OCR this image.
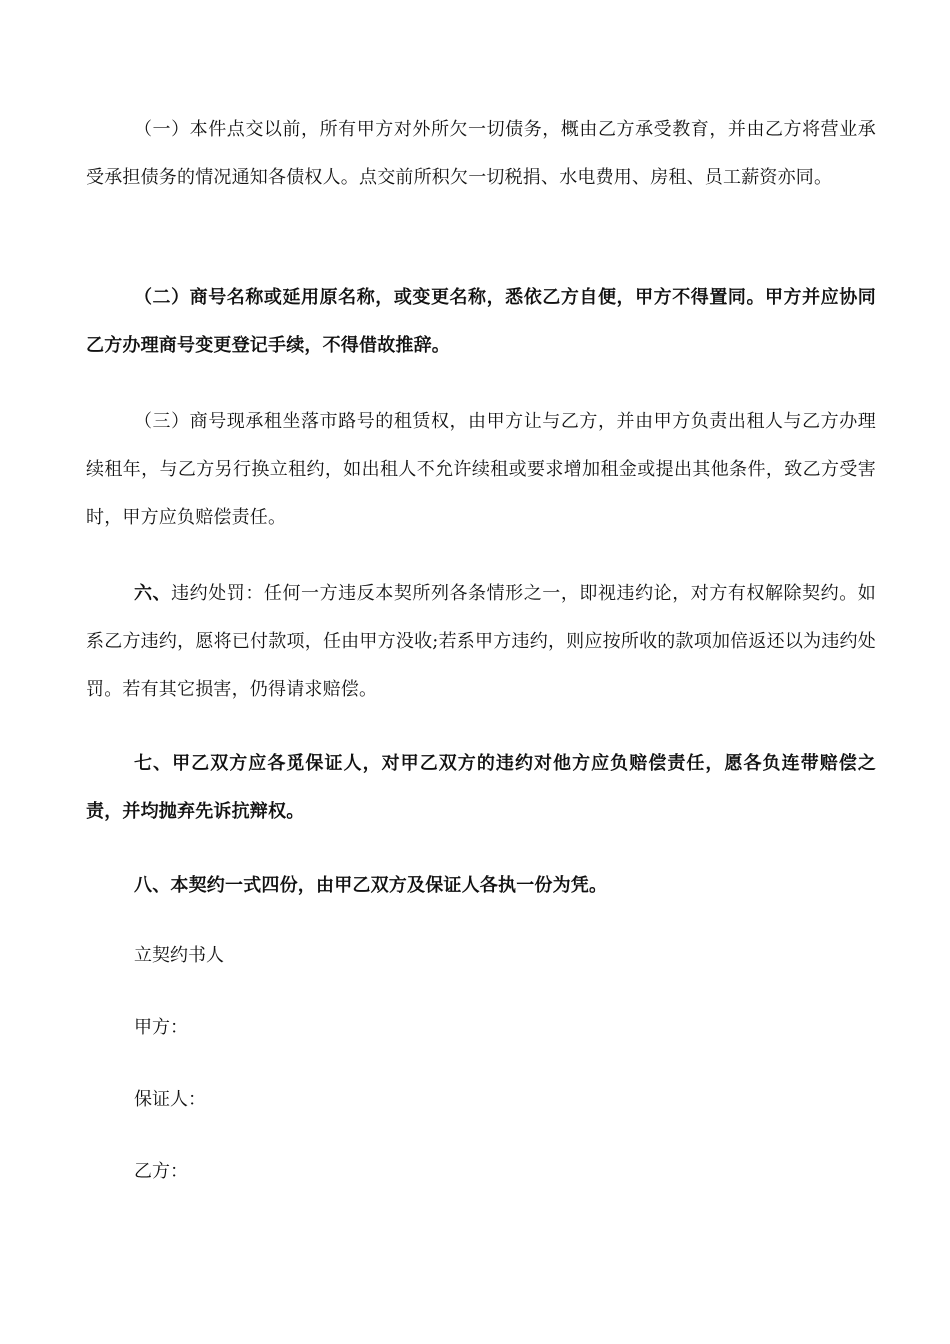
（一）本件点交以前，所有甲方对外所欠一切债务，概由乙方承受教育，并由乙方将营业承受承担债务的情况通知各债权人。点交前所积欠一切税捐、水电费用、房租、员工薪资亦同。

（二）商号名称或延用原名称，或变更名称，悉依乙方自便，甲方不得置同。甲方并应协同乙方办理商号变更登记手续，不得借故推辞。

（三）商号现承租坐落市路号的租赁权，由甲方让与乙方，并由甲方负责出租人与乙方办理续租年，与乙方另行换立租约，如出租人不允许续租或要求增加租金或提出其他条件，致乙方受害时，甲方应负赔偿责任。

六、违约处罚：任何一方违反本契所列各条情形之一，即视违约论，对方有权解除契约。如系乙方违约，愿将已付款项，任由甲方没收;若系甲方违约，则应按所收的款项加倍返还以为违约处罚。若有其它损害，仍得请求赔偿。

七、甲乙双方应各觅保证人，对甲乙双方的违约对他方应负赔偿责任，愿各负连带赔偿之责，并均抛弃先诉抗辩权。

八、本契约一式四份，由甲乙双方及保证人各执一份为凭。

立契约书人

甲方：

保证人：

乙方：
